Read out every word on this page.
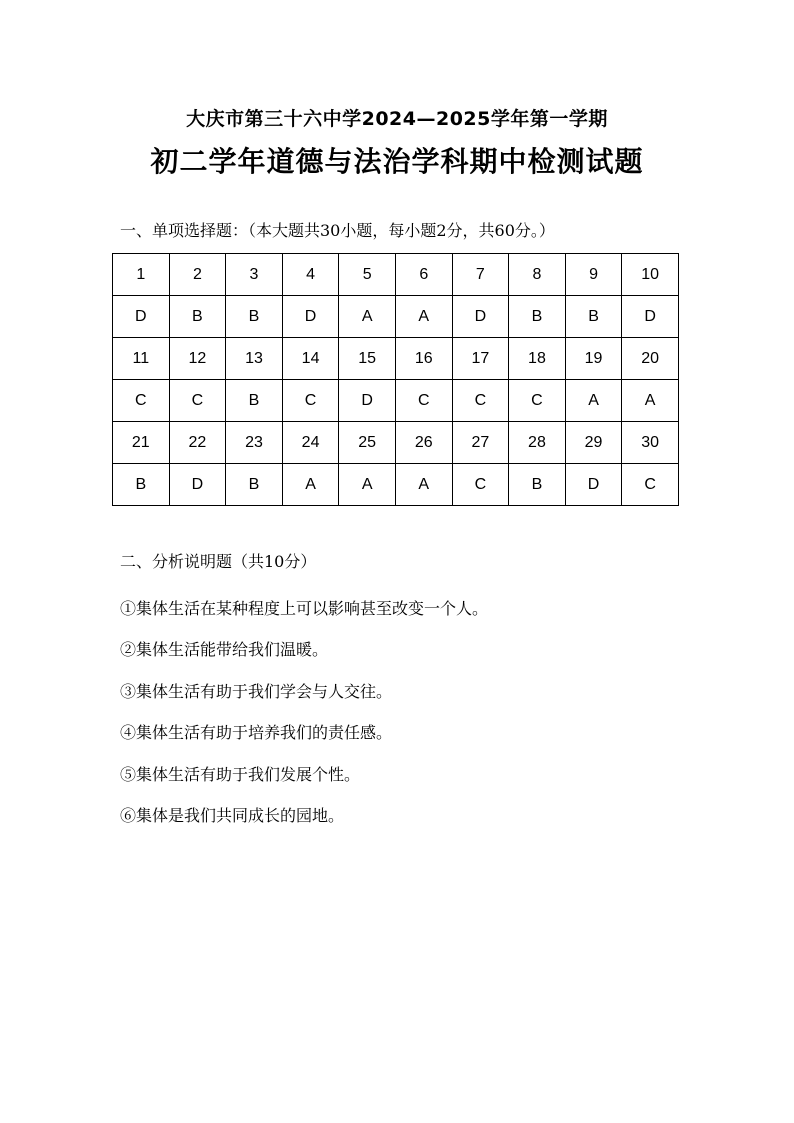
大庆市第三十六中学2024—2025学年第一学期
初二学年道德与法治学科期中检测试题
一、单项选择题：（本大题共30小题，每小题2分，共60分。）
1	2	3	4	5	6	7	8	9	10
D	B	B	D	A	A	D	B	B	D
11	12	13	14	15	16	17	18	19	20
C	C	B	C	D	C	C	C	A	A
21	22	23	24	25	26	27	28	29	30
B	D	B	A	A	A	C	B	D	C
二、分析说明题（共10分）
①集体生活在某种程度上可以影响甚至改变一个人。
②集体生活能带给我们温暖。
③集体生活有助于我们学会与人交往。
④集体生活有助于培养我们的责任感。
⑤集体生活有助于我们发展个性。
⑥集体是我们共同成长的园地。
